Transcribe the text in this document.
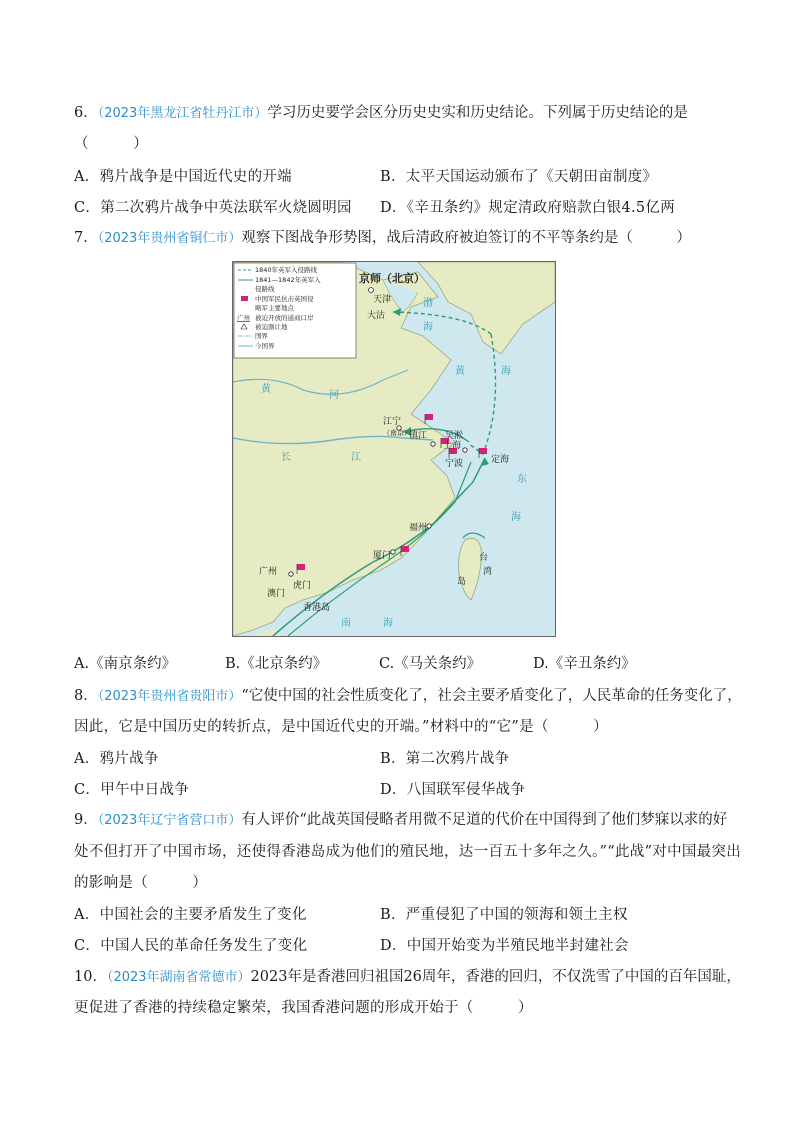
6．（2023年黑龙江省牡丹江市）学习历史要学会区分历史史实和历史结论。下列属于历史结论的是
（　　　）
A．鸦片战争是中国近代史的开端	B．太平天国运动颁布了《天朝田亩制度》
C．第二次鸦片战争中英法联军火烧圆明园 D．《辛丑条约》规定清政府赔款白银4.5亿两
7．（2023年贵州省铜仁市）观察下图战争形势图，战后清政府被迫签订的不平等条约是（　　　）
京师（北京）
天津
大沽
江宁
（南京）
镇江 吴淞
上海
宁波	定海
福州
厦门
广州
虎门
澳门
香港岛
台
湾
岛
渤
海
黄	海
东
海
南	海
黄
河
长	江
1840年英军入侵路线
1841—1842年英军入
侵路线
中国军民抗击英国侵
略军主要地点
广州 被迫开放的通商口岸
被迫割让地
国界
今国界
A.《南京条约》	B.《北京条约》	C.《马关条约》	D.《辛丑条约》
8．（2023年贵州省贵阳市）“它使中国的社会性质变化了，社会主要矛盾变化了，人民革命的任务变化了，
因此，它是中国历史的转折点，是中国近代史的开端。”材料中的“它”是（　　　）
A．鸦片战争	B．第二次鸦片战争
C．甲午中日战争	D．八国联军侵华战争
9．（2023年辽宁省营口市）有人评价“此战英国侵略者用微不足道的代价在中国得到了他们梦寐以求的好
处不但打开了中国市场，还使得香港岛成为他们的殖民地，达一百五十多年之久。”“此战”对中国最突出
的影响是（　　　）
A．中国社会的主要矛盾发生了变化	B．严重侵犯了中国的领海和领土主权
C．中国人民的革命任务发生了变化	D．中国开始变为半殖民地半封建社会
10．（2023年湖南省常德市）2023年是香港回归祖国26周年，香港的回归，不仅洗雪了中国的百年国耻，
更促进了香港的持续稳定繁荣，我国香港问题的形成开始于（　　　）
